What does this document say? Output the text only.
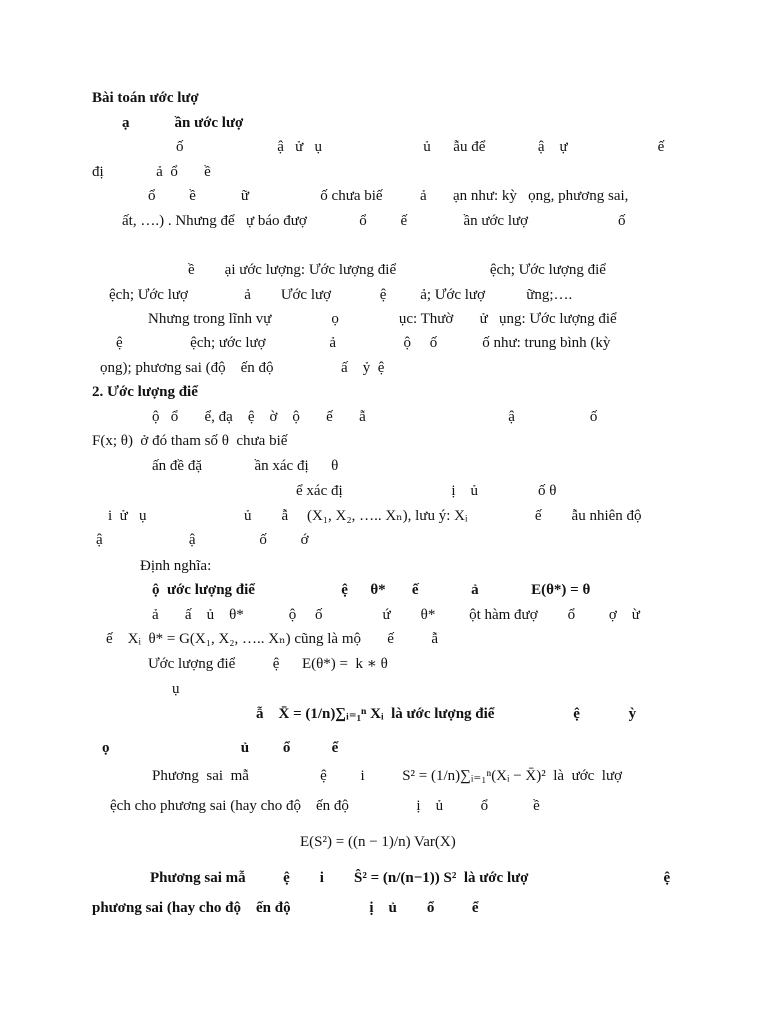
Bài toán ước lượ
ạ            ần ước lượ
ố                         ậ   ử   ụ                           ủ      ẫu để              ậ    ự                        ế
đị              ả  ổ       ề
ổ         ề            ữ                   ố chưa biế          ả       ạn như: kỳ   ọng, phương sai,
ất, ….) . Nhưng để   ự báo đượ              ổ         ế               ần ước lượ                        ố
ề        ại ước lượng: Ước lượng điể                         ệch; Ước lượng điể
ệch; Ước lượ               ả        Ước lượ             ệ         ả; Ước lượ           ững;….
Nhưng trong lĩnh vự                ọ                ục: Thườ       ử   ụng: Ước lượng điể
ệ                  ệch; ước lượ                 ả                  ộ     ố            ố như: trung bình (kỳ
ọng); phương sai (độ    ến độ                  ấ    ỷ  ệ
2. Ước lượng điể
ộ   ổ       ể, đạ    ệ    ờ    ộ       ế       ẫ                                      ậ                    ố
F(x; θ)  ở đó tham số θ  chưa biế
ấn đề đặ              ần xác đị      θ
ể xác đị                             ị    ủ                ố θ
i  ử   ụ                          ủ        ẫ     (X₁, X₂, ….. Xₙ), lưu ý: Xᵢ                  ế        ẫu nhiên độ
ậ                       ậ                 ố         ớ
Định nghĩa:
ộ  ước lượng điể                       ệ      θ*       ế              ả              E(θ*) = θ
ả       ấ    ủ    θ*            ộ     ố                ứ        θ*         ột hàm đượ        ổ         ợ    ừ
ế    Xᵢ  θ* = G(X₁, X₂, ….. Xₙ) cũng là mộ       ế          ẫ
Ước lượng điể          ệ      E(θ*) =  k ∗ θ
ụ
ẫ    X̄ = (1/n)∑ᵢ₌₁ⁿ Xᵢ  là ước lượng điể                     ệ             ỳ
ọ                                   ủ         ổ           ể
Phương  sai  mẫ                   ệ         i          S² = (1/n)∑ᵢ₌₁ⁿ(Xᵢ − X̄)²  là  ước  lượ
ệch cho phương sai (hay cho độ    ến độ                  ị    ủ          ổ            ề
E(S²) = ((n − 1)/n) Var(X)
Phương sai mẫ          ệ        i        Ŝ² = (n/(n−1)) S²  là ước lượ                                    ệ
phương sai (hay cho độ    ến độ                     ị    ủ        ổ          ể
